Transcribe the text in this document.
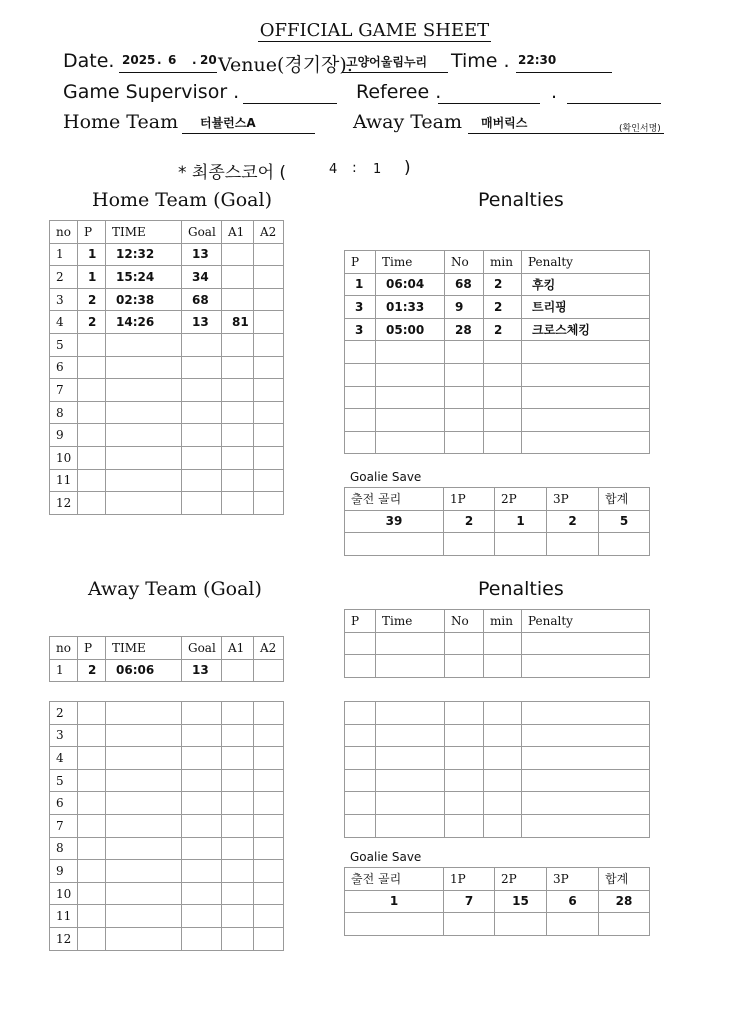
OFFICIAL GAME SHEET
Date. 2025 . 6 . 20 Venue(경기장).
고양어울림누리 Time . 22:30
Game Supervisor .	Referee .	.
Home Team 터뷸런스A	Away Team 매버릭스	(확인서명)
* 최종스코어 (	4 : 1 )
Home Team (Goal)	Penalties
Away Team (Goal)	Penalties
Goalie Save
Goalie Save
no	P	TIME	Goal	A1	A2
1	1	12:32	13		
2	1	15:24	34		
3	2	02:38	68		
4	2	14:26	13	81	
5					
6					
7					
8					
9					
10					
11					
12					
P	Time	No	min	Penalty
1	06:04	68	2	후킹
3	01:33	9	2	트리핑
3	05:00	28	2	크로스체킹

출전 골리	1P	2P	3P	합계
39	2	1	2	5

no	P	TIME	Goal	A1	A2
1	2	06:06	13		
2					
3					
4					
5					
6					
7					
8					
9					
10					
11					
12					
P	Time	No	min	Penalty

출전 골리	1P	2P	3P	합계
1	7	15	6	28
